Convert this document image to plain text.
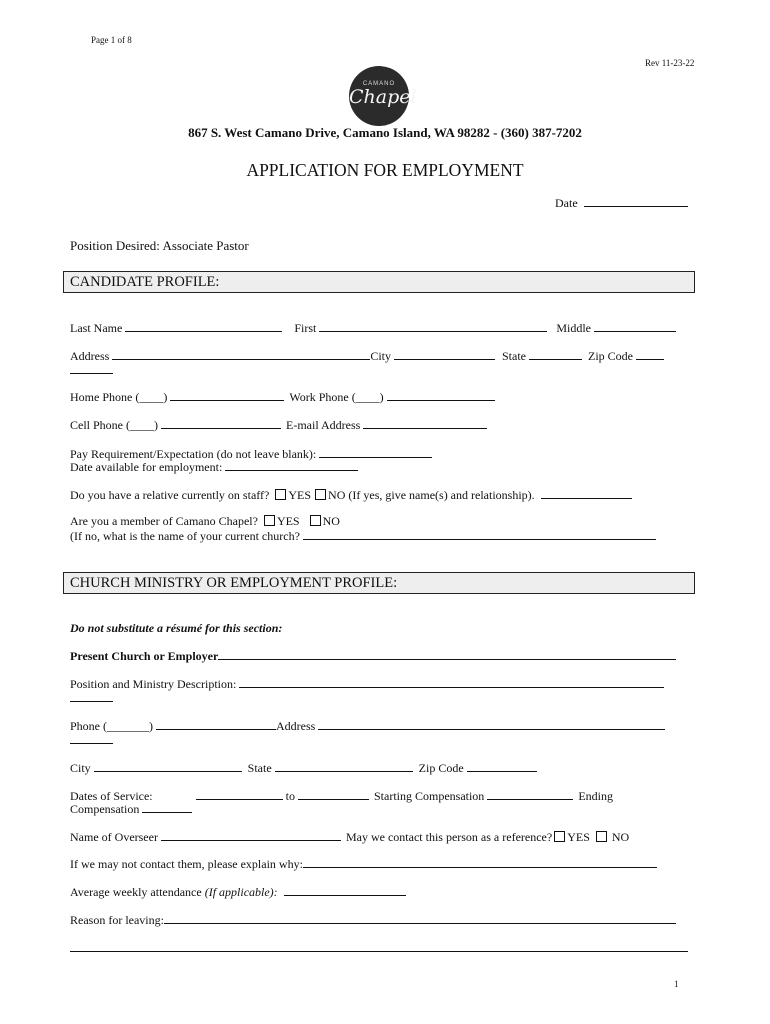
Page 1 of 8
Rev 11-23-22
CAMANO
Chapel
867 S. West Camano Drive, Camano Island, WA 98282 - (360) 387-7202
APPLICATION FOR EMPLOYMENT
Date
Position Desired: Associate Pastor
CANDIDATE PROFILE:
Last Name	First	Middle
Address	City	State	Zip Code
Home Phone (____)	Work Phone (____)
Cell Phone (____)	E-mail Address
Pay Requirement/Expectation (do not leave blank):
Date available for employment:
Do you have a relative currently on staff? YES NO (If yes, give name(s) and relationship).
Are you a member of Camano Chapel? YES NO
(If no, what is the name of your current church?
CHURCH MINISTRY OR EMPLOYMENT PROFILE:
Do not substitute a résumé for this section:
Present Church or Employer
Position and Ministry Description:
Phone (_______)	Address
City	State	Zip Code
Dates of Service:	to	Starting Compensation	Ending
Compensation
Name of Overseer	May we contact this person as a reference? YES NO
If we may not contact them, please explain why:
Average weekly attendance (If applicable):
Reason for leaving:
1
